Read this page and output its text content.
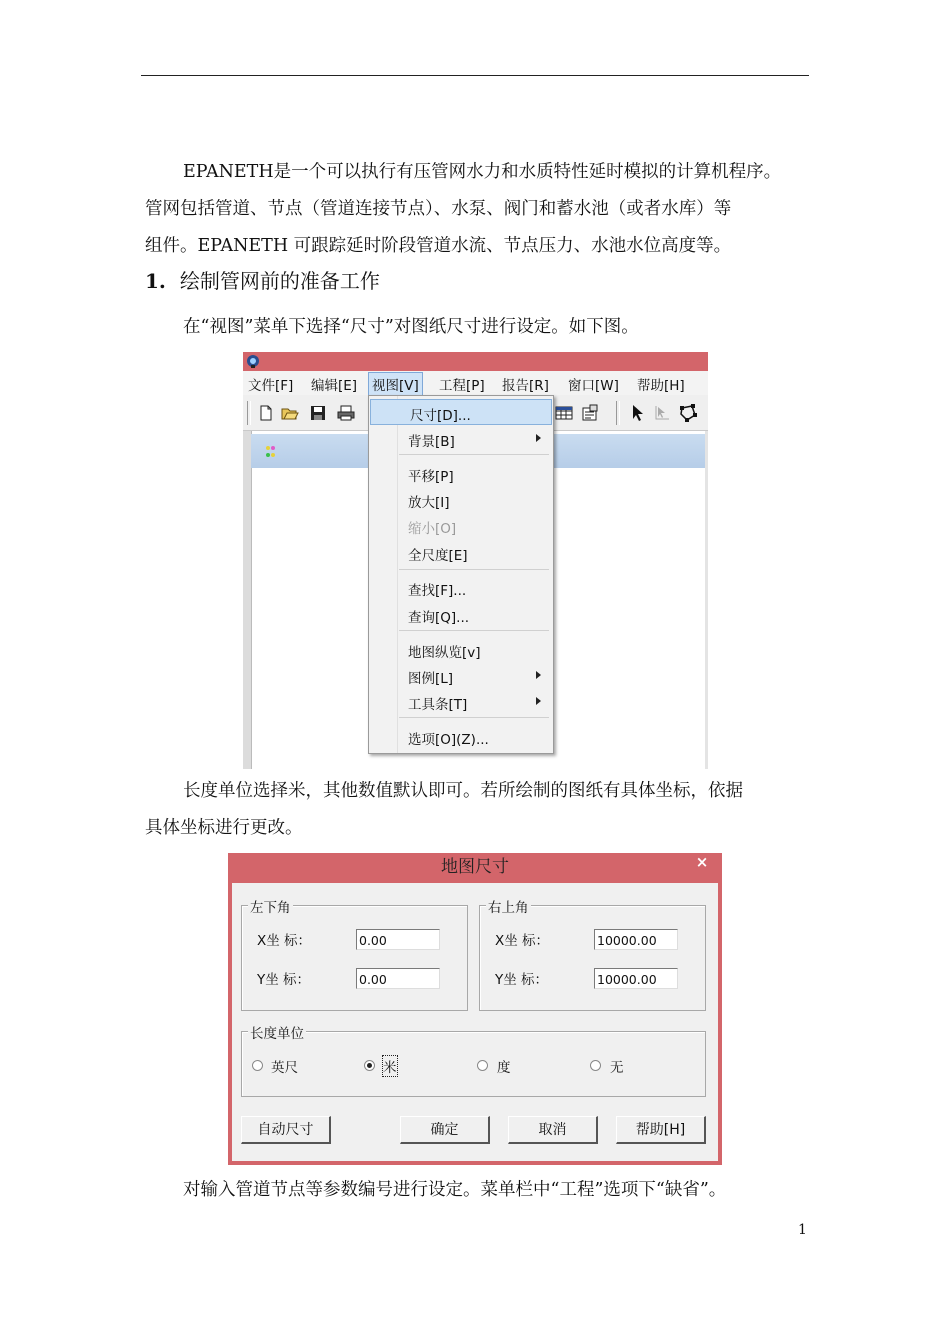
EPANETH是一个可以执行有压管网水力和水质特性延时模拟的计算机程序。
管网包括管道、节点（管道连接节点）、水泵、阀门和蓄水池（或者水库）等
组件。EPANETH 可跟踪延时阶段管道水流、节点压力、水池水位高度等。
1. 绘制管网前的准备工作
在“视图”菜单下选择“尺寸”对图纸尺寸进行设定。如下图。
文件[F] 编辑[E] 视图[V] 工程[P] 报告[R] 窗口[W] 帮助[H]
尺寸[D]...
背景[B]
平移[P]
放大[I]
缩小[O]
全尺度[E]
查找[F]...
查询[Q]...
地图纵览[v]
图例[L]
工具条[T]
选项[O](Z)...
长度单位选择米，其他数值默认即可。若所绘制的图纸有具体坐标，依据
具体坐标进行更改。
地图尺寸	×
左下角
X坐 标：	0.00
Y坐 标：	0.00
右上角
X坐 标：	10000.00
Y坐 标：	10000.00
长度单位
英尺	米	度	无
自动尺寸	确定	取消	帮助[H]
对输入管道节点等参数编号进行设定。菜单栏中“工程”选项下“缺省”。
1
